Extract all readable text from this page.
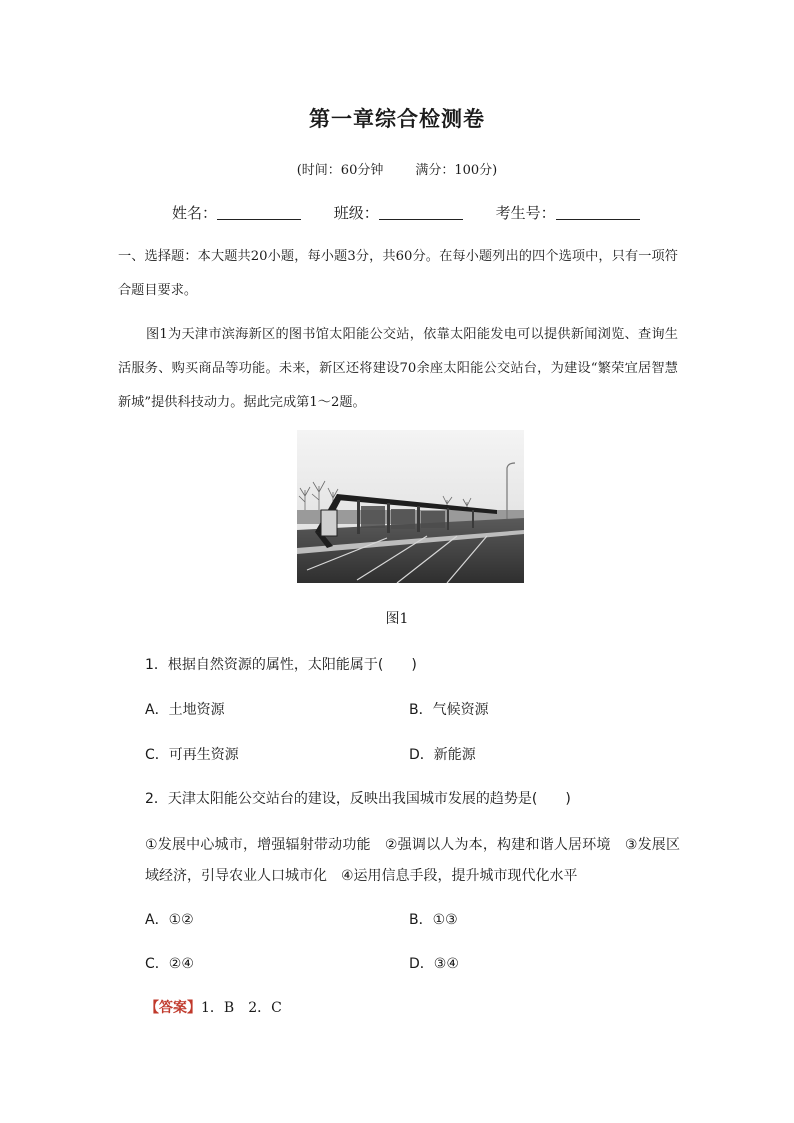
第一章综合检测卷
(时间：60分钟 满分：100分)
姓名：	班级：	考生号：
一、选择题：本大题共20小题，每小题3分，共60分。在每小题列出的四个选项中，只有一项符合题目要求。
图1为天津市滨海新区的图书馆太阳能公交站，依靠太阳能发电可以提供新闻浏览、查询生活服务、购买商品等功能。未来，新区还将建设70余座太阳能公交站台，为建设“繁荣宜居智慧新城”提供科技动力。据此完成第1～2题。
图1
1．根据自然资源的属性，太阳能属于(　　)
A．土地资源	B．气候资源
C．可再生资源	D．新能源
2．天津太阳能公交站台的建设，反映出我国城市发展的趋势是(　　)
①发展中心城市，增强辐射带动功能　②强调以人为本，构建和谐人居环境　③发展区域经济，引导农业人口城市化　④运用信息手段，提升城市现代化水平
A．①②	B．①③
C．②④	D．③④
【答案】1．B　2．C
